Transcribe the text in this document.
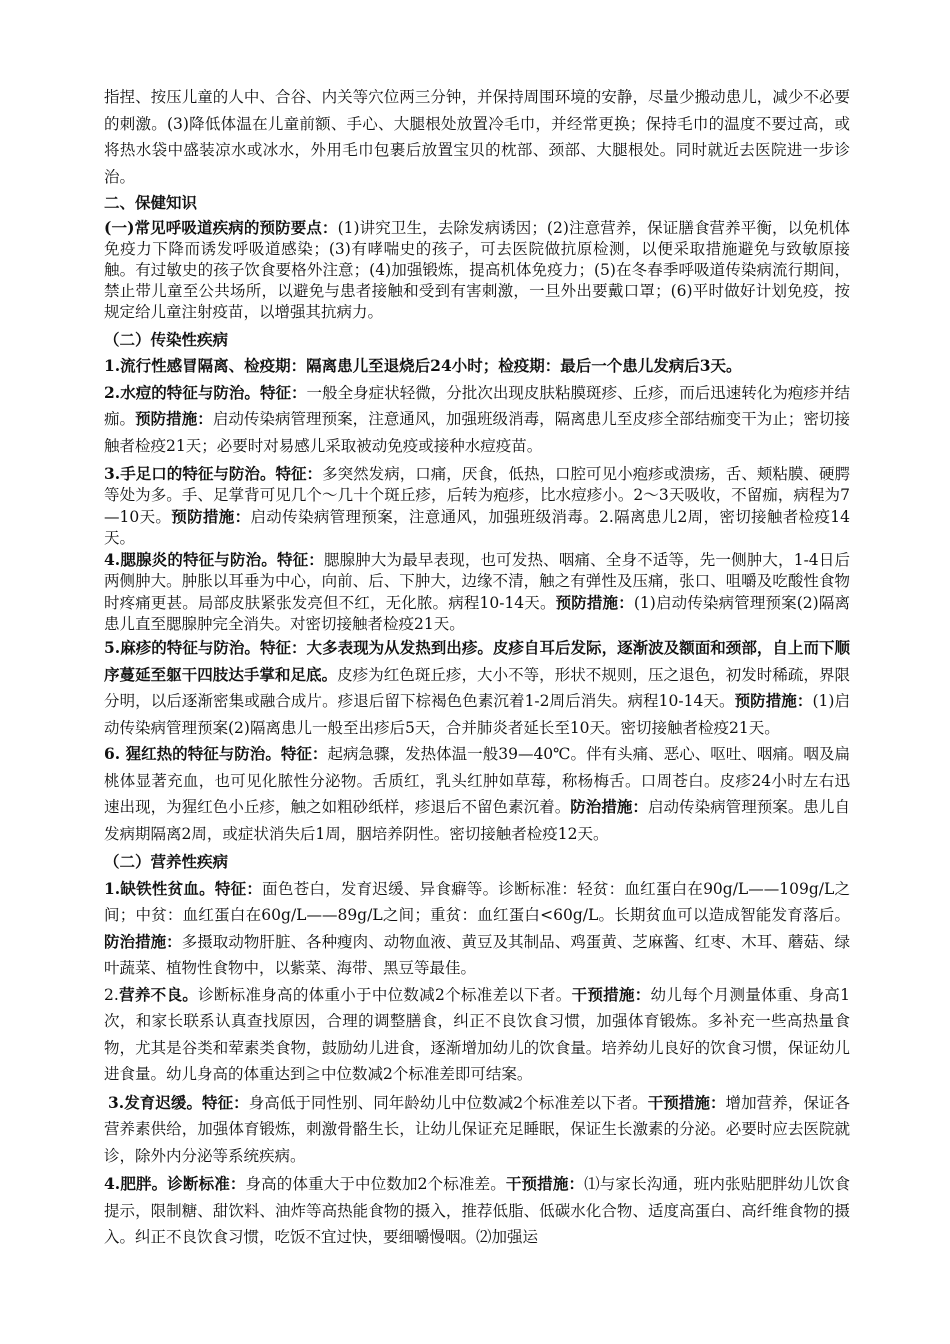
指捏、按压儿童的人中、合谷、内关等穴位两三分钟，并保持周围环境的安静，尽量少搬动患儿，减少不必要的刺激。(3)降低体温在儿童前额、手心、大腿根处放置冷毛巾，并经常更换；保持毛巾的温度不要过高，或将热水袋中盛装凉水或冰水，外用毛巾包裹后放置宝贝的枕部、颈部、大腿根处。同时就近去医院进一步诊治。

二、保健知识

(一)常见呼吸道疾病的预防要点：(1)讲究卫生，去除发病诱因；(2)注意营养，保证膳食营养平衡，以免机体免疫力下降而诱发呼吸道感染；(3)有哮喘史的孩子，可去医院做抗原检测，以便采取措施避免与致敏原接触。有过敏史的孩子饮食要格外注意；(4)加强锻炼，提高机体免疫力；(5)在冬春季呼吸道传染病流行期间，禁止带儿童至公共场所，以避免与患者接触和受到有害刺激，一旦外出要戴口罩；(6)平时做好计划免疫，按规定给儿童注射疫苗，以增强其抗病力。

（二）传染性疾病

1.流行性感冒隔离、检疫期：隔离患儿至退烧后24小时；检疫期：最后一个患儿发病后3天。

2.水痘的特征与防治。特征：一般全身症状轻微，分批次出现皮肤粘膜斑疹、丘疹，而后迅速转化为疱疹并结痂。预防措施：启动传染病管理预案，注意通风，加强班级消毒，隔离患儿至皮疹全部结痂变干为止；密切接触者检疫21天；必要时对易感儿采取被动免疫或接种水痘疫苗。

3.手足口的特征与防治。特征：多突然发病，口痛，厌食，低热，口腔可见小疱疹或溃疡，舌、颊粘膜、硬腭等处为多。手、足掌背可见几个～几十个斑丘疹，后转为疱疹，比水痘疹小。2～3天吸收，不留痂，病程为7—10天。预防措施：启动传染病管理预案，注意通风，加强班级消毒。2.隔离患儿2周，密切接触者检疫14天。

4.腮腺炎的特征与防治。特征：腮腺肿大为最早表现，也可发热、咽痛、全身不适等，先一侧肿大，1-4日后两侧肿大。肿胀以耳垂为中心，向前、后、下肿大，边缘不清，触之有弹性及压痛，张口、咀嚼及吃酸性食物时疼痛更甚。局部皮肤紧张发亮但不红，无化脓。病程10-14天。预防措施：(1)启动传染病管理预案(2)隔离患儿直至腮腺肿完全消失。对密切接触者检疫21天。

5.麻疹的特征与防治。特征：大多表现为从发热到出疹。皮疹自耳后发际，逐渐波及额面和颈部，自上而下顺序蔓延至躯干四肢达手掌和足底。皮疹为红色斑丘疹，大小不等，形状不规则，压之退色，初发时稀疏，界限分明，以后逐渐密集或融合成片。疹退后留下棕褐色色素沉着1-2周后消失。病程10-14天。预防措施：(1)启动传染病管理预案(2)隔离患儿一般至出疹后5天，合并肺炎者延长至10天。密切接触者检疫21天。

6. 猩红热的特征与防治。特征：起病急骤，发热体温一般39—40℃。伴有头痛、恶心、呕吐、咽痛。咽及扁桃体显著充血，也可见化脓性分泌物。舌质红，乳头红肿如草莓，称杨梅舌。口周苍白。皮疹24小时左右迅速出现，为猩红色小丘疹，触之如粗砂纸样，疹退后不留色素沉着。防治措施：启动传染病管理预案。患儿自发病期隔离2周，或症状消失后1周，胭培养阴性。密切接触者检疫12天。

（二）营养性疾病

1.缺铁性贫血。特征：面色苍白，发育迟缓、异食癖等。诊断标准：轻贫：血红蛋白在90g/L——109g/L之间；中贫：血红蛋白在60g/L——89g/L之间；重贫：血红蛋白<60g/L。长期贫血可以造成智能发育落后。防治措施：多摄取动物肝脏、各种瘦肉、动物血液、黄豆及其制品、鸡蛋黄、芝麻酱、红枣、木耳、蘑菇、绿叶蔬菜、植物性食物中，以紫菜、海带、黑豆等最佳。

2.营养不良。诊断标准身高的体重小于中位数减2个标准差以下者。干预措施：幼儿每个月测量体重、身高1次，和家长联系认真查找原因，合理的调整膳食，纠正不良饮食习惯，加强体育锻炼。多补充一些高热量食物，尤其是谷类和荤素类食物，鼓励幼儿进食，逐渐增加幼儿的饮食量。培养幼儿良好的饮食习惯，保证幼儿进食量。幼儿身高的体重达到≧中位数减2个标准差即可结案。

3.发育迟缓。特征：身高低于同性别、同年龄幼儿中位数减2个标准差以下者。干预措施：增加营养，保证各营养素供给，加强体育锻炼，刺激骨骼生长，让幼儿保证充足睡眠，保证生长激素的分泌。必要时应去医院就诊，除外内分泌等系统疾病。

4.肥胖。诊断标准：身高的体重大于中位数加2个标准差。干预措施：⑴与家长沟通，班内张贴肥胖幼儿饮食提示，限制糖、甜饮料、油炸等高热能食物的摄入，推荐低脂、低碳水化合物、适度高蛋白、高纤维食物的摄入。纠正不良饮食习惯，吃饭不宜过快，要细嚼慢咽。⑵加强运
